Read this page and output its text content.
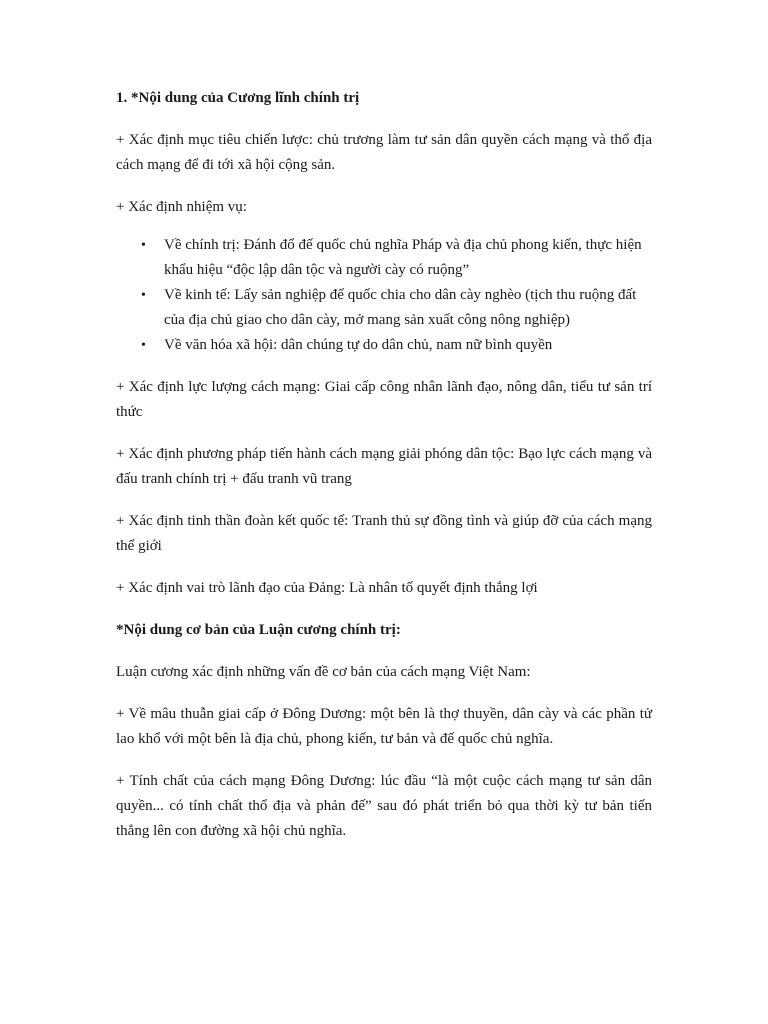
1. *Nội dung của Cương lĩnh chính trị

+ Xác định mục tiêu chiến lược: chủ trương làm tư sản dân quyền cách mạng và thổ địa cách mạng để đi tới xã hội cộng sản.

+ Xác định nhiệm vụ:

• Về chính trị: Đánh đổ đế quốc chủ nghĩa Pháp và địa chủ phong kiến, thực hiện khẩu hiệu “độc lập dân tộc và người cày có ruộng”
• Về kinh tế: Lấy sản nghiệp để quốc chia cho dân cày nghèo (tịch thu ruộng đất của địa chủ giao cho dân cày, mở mang sản xuất công nông nghiệp)
• Về văn hóa xã hội: dân chúng tự do dân chủ, nam nữ bình quyền

+ Xác định lực lượng cách mạng: Giai cấp công nhân lãnh đạo, nông dân, tiểu tư sản trí thức

+ Xác định phương pháp tiến hành cách mạng giải phóng dân tộc: Bạo lực cách mạng và đấu tranh chính trị + đấu tranh vũ trang

+ Xác định tinh thần đoàn kết quốc tế: Tranh thủ sự đồng tình và giúp đỡ của cách mạng thế giới

+ Xác định vai trò lãnh đạo của Đảng: Là nhân tố quyết định thắng lợi

*Nội dung cơ bản của Luận cương chính trị:

Luận cương xác định những vấn đề cơ bản của cách mạng Việt Nam:

+ Về mâu thuẫn giai cấp ở Đông Dương: một bên là thợ thuyền, dân cày và các phần tử lao khổ với một bên là địa chủ, phong kiến, tư bản và đế quốc chủ nghĩa.

+ Tính chất của cách mạng Đông Dương: lúc đầu “là một cuộc cách mạng tư sản dân quyền... có tính chất thổ địa và phản đế” sau đó phát triển bỏ qua thời kỳ tư bản tiến thẳng lên con đường xã hội chủ nghĩa.
